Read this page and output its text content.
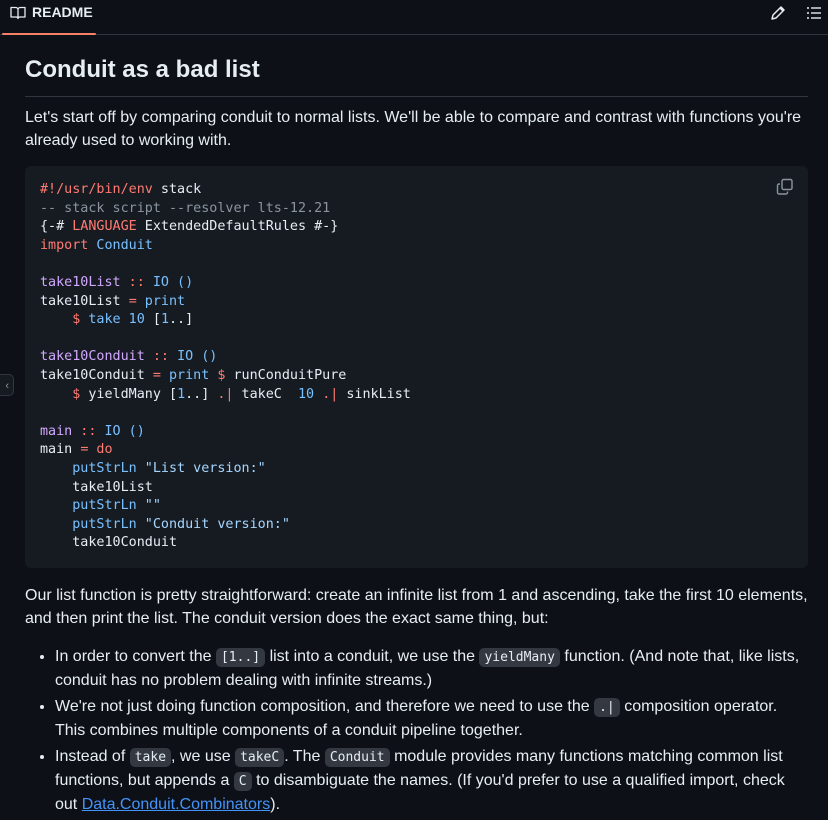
README
‹
Conduit as a bad list

Let's start off by comparing conduit to normal lists. We'll be able to compare and contrast with functions you're already used to working with.

#!/usr/bin/env stack
-- stack script --resolver lts-12.21
{-# LANGUAGE ExtendedDefaultRules #-}
import Conduit

take10List :: IO ()
take10List = print
$ take 10 [1..]

take10Conduit :: IO ()
take10Conduit = print $ runConduitPure
$ yieldMany [1..] .| takeC  10 .| sinkList

main :: IO ()
main = do
putStrLn "List version:"
take10List
putStrLn ""
putStrLn "Conduit version:"
take10Conduit

Our list function is pretty straightforward: create an infinite list from 1 and ascending, take the first 10 elements, and then print the list. The conduit version does the exact same thing, but:

• In order to convert the [1..] list into a conduit, we use the yieldMany function. (And note that, like lists, conduit has no problem dealing with infinite streams.)
• We're not just doing function composition, and therefore we need to use the .| composition operator. This combines multiple components of a conduit pipeline together.
• Instead of take , we use takeC . The Conduit module provides many functions matching common list functions, but appends a C to disambiguate the names. (If you'd prefer to use a qualified import, check out Data.Conduit.Combinators).
